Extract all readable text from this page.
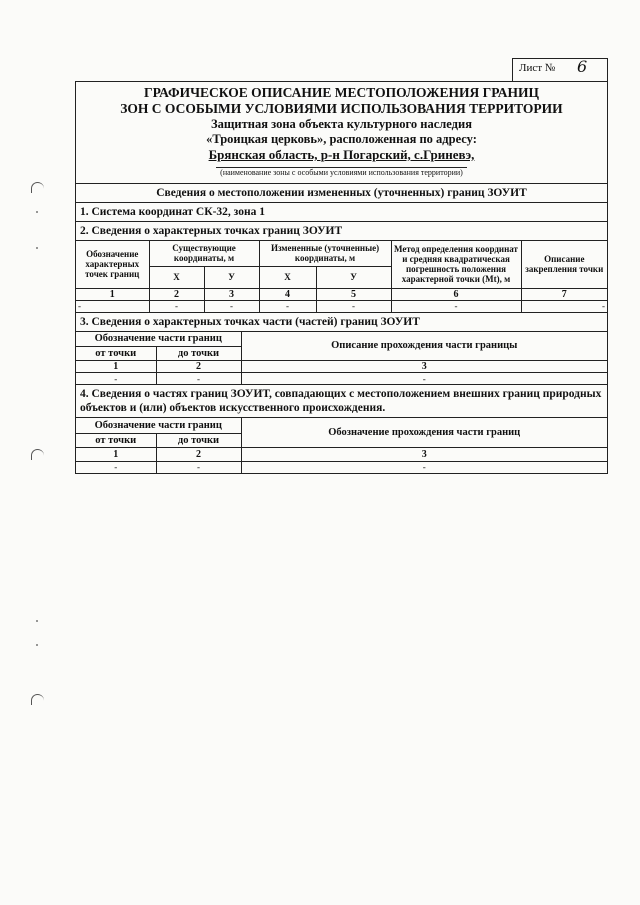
Лист № 6
ГРАФИЧЕСКОЕ ОПИСАНИЕ МЕСТОПОЛОЖЕНИЯ ГРАНИЦ
ЗОН С ОСОБЫМИ УСЛОВИЯМИ ИСПОЛЬЗОВАНИЯ ТЕРРИТОРИИ
Защитная зона объекта культурного наследия
«Троицкая церковь», расположенная по адресу:
Брянская область, р-н Погарский, с.Гриневэ,
(наименование зоны с особыми условиями использования территории)
Сведения о местоположении измененных (уточненных) границ ЗОУИТ
1. Система координат СК-32, зона 1
2. Сведения о характерных точках границ ЗОУИТ
Обозначение характерных точек границ	Существующие координаты, м		Измененные (уточненные) координаты, м		Метод определения координат и средняя квадратическая погрешность положения характерной точки (Mt), м	Описание закрепления точки
	X	У	X	У		
1	2	3	4	5	6	7
-	-	-	-	-	-	-
3. Сведения о характерных точках части (частей) границ ЗОУИТ
Обозначение части границ		Описание прохождения части границы
от точки	до точки	
1	2	3
-	-	-
4. Сведения о частях границ ЗОУИТ, совпадающих с местоположением внешних границ природных объектов и (или) объектов искусственного происхождения.
Обозначение части границ		Обозначение прохождения части границ
от точки	до точки	
1	2	3
-	-	-
